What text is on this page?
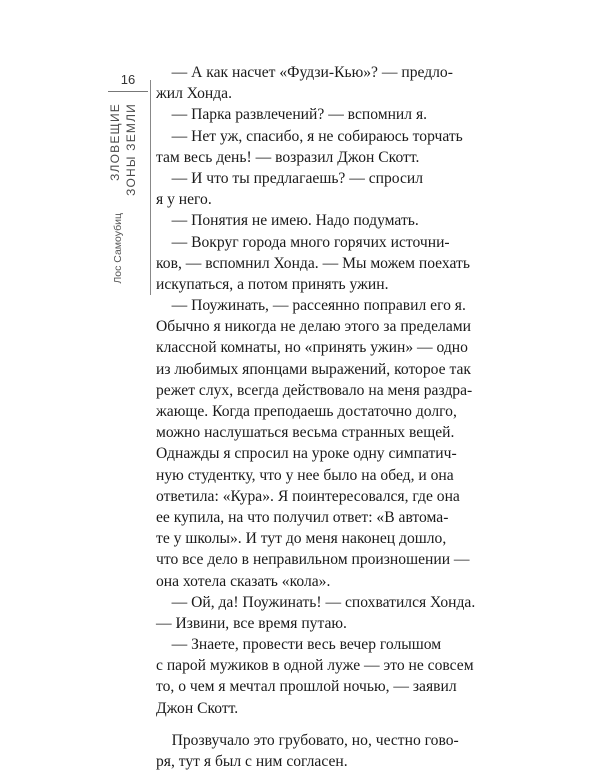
16
ЗЛОВЕЩИЕ ЗОНЫ ЗЕМЛИ
Лос Самоубиц
— А как насчет «Фудзи-Кью»? — предло-
жил Хонда.
— Парка развлечений? — вспомнил я.
— Нет уж, спасибо, я не собираюсь торчать
там весь день! — возразил Джон Скотт.
— И что ты предлагаешь? — спросил
я у него.
— Понятия не имею. Надо подумать.
— Вокруг города много горячих источни-
ков, — вспомнил Хонда. — Мы можем поехать
искупаться, а потом принять ужин.
— Поужинать, — рассеянно поправил его я.
Обычно я никогда не делаю этого за пределами
классной комнаты, но «принять ужин» — одно
из любимых японцами выражений, которое так
режет слух, всегда действовало на меня раздра-
жающе. Когда преподаешь достаточно долго,
можно наслушаться весьма странных вещей.
Однажды я спросил на уроке одну симпатич-
ную студентку, что у нее было на обед, и она
ответила: «Кура». Я поинтересовался, где она
ее купила, на что получил ответ: «В автома-
те у школы». И тут до меня наконец дошло,
что все дело в неправильном произношении —
она хотела сказать «кола».
— Ой, да! Поужинать! — спохватился Хонда.
— Извини, все время путаю.
— Знаете, провести весь вечер голышом
с парой мужиков в одной луже — это не совсем
то, о чем я мечтал прошлой ночью, — заявил
Джон Скотт.
Прозвучало это грубовато, но, честно гово-
ря, тут я был с ним согласен.
